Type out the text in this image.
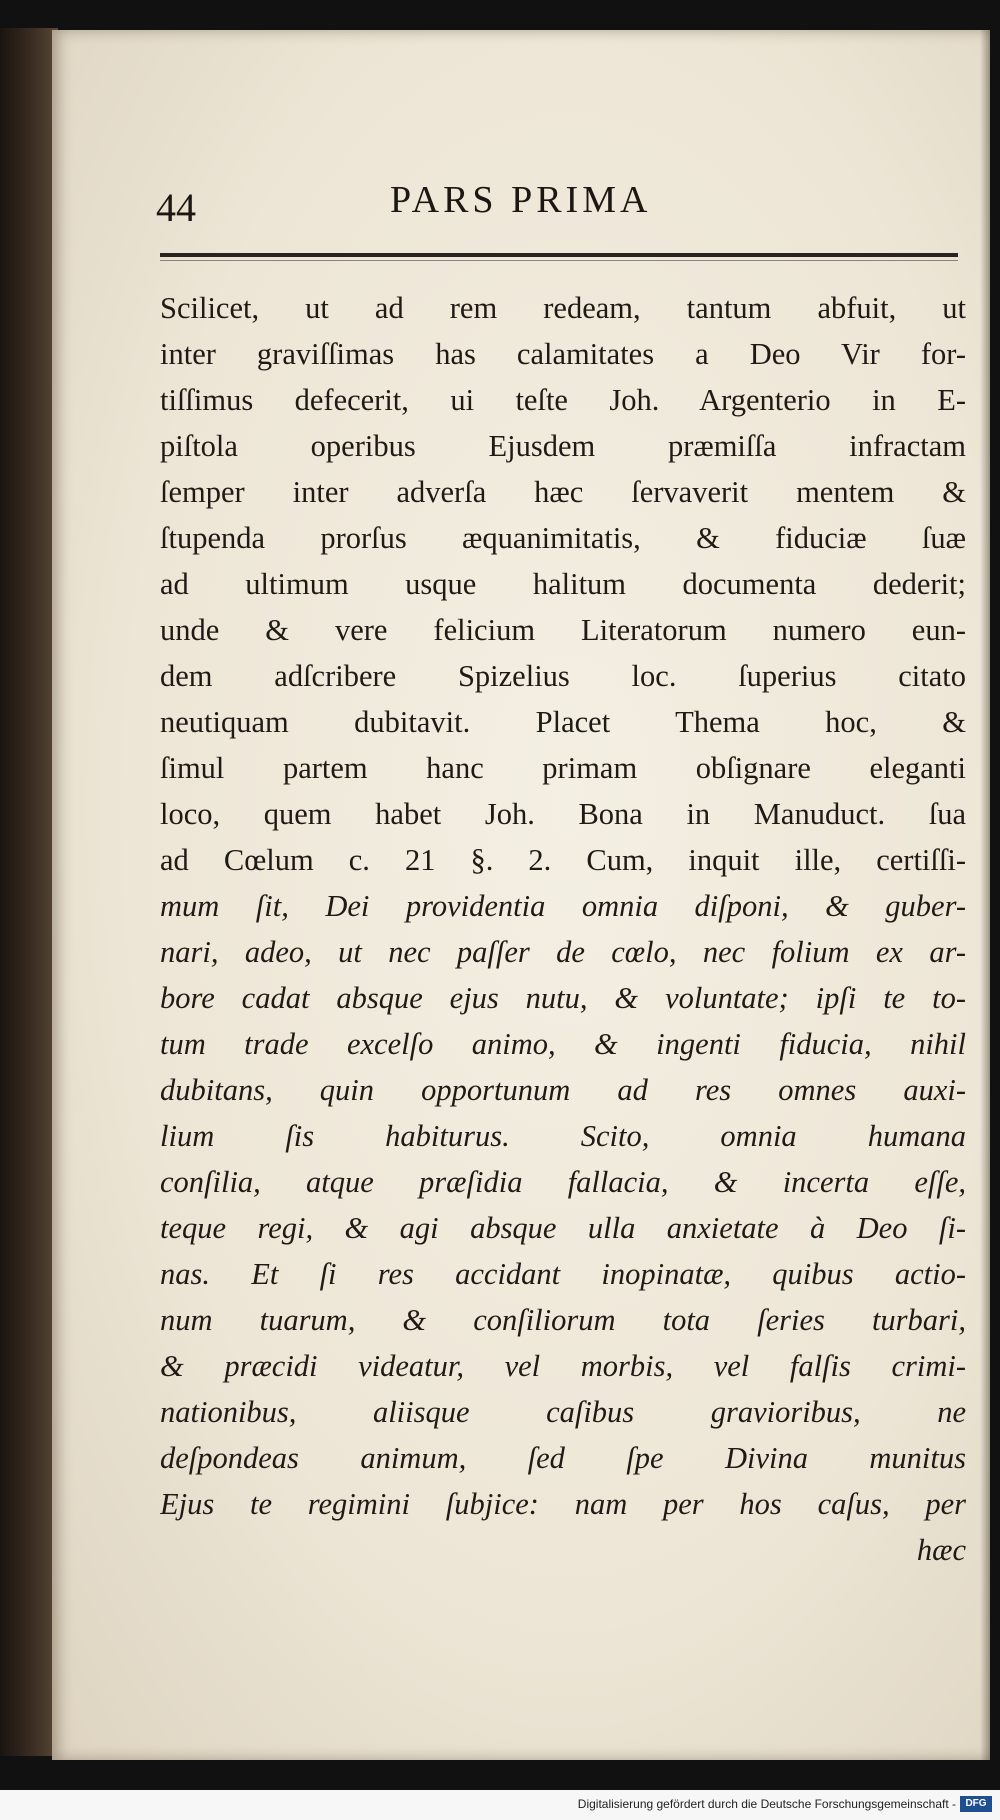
44	PARS PRIMA
Scilicet, ut ad rem redeam, tantum abfuit, ut
inter graviſſimas has calamitates a Deo Vir for-
tiſſimus defecerit, ui teſte Joh. Argenterio in E-
piſtola operibus Ejusdem præmiſſa infractam
ſemper inter adverſa hæc ſervaverit mentem &
ſtupenda prorſus æquanimitatis, & fiduciæ ſuæ
ad ultimum usque halitum documenta dederit;
unde & vere felicium Literatorum numero eun-
dem adſcribere Spizelius loc. ſuperius citato
neutiquam dubitavit. Placet Thema hoc, &
ſimul partem hanc primam obſignare eleganti
loco, quem habet Joh. Bona in Manuduct. ſua
ad Cœlum c. 21 §. 2. Cum, inquit ille, certiſſi-
mum ſit, Dei providentia omnia diſponi, & guber-
nari, adeo, ut nec paſſer de cœlo, nec folium ex ar-
bore cadat absque ejus nutu, & voluntate; ipſi te to-
tum trade excelſo animo, & ingenti fiducia, nihil
dubitans, quin opportunum ad res omnes auxi-
lium ſis habiturus. Scito, omnia humana
conſilia, atque præſidia fallacia, & incerta eſſe,
teque regi, & agi absque ulla anxietate à Deo ſi-
nas. Et ſi res accidant inopinatæ, quibus actio-
num tuarum, & conſiliorum tota ſeries turbari,
& præcidi videatur, vel morbis, vel falſis crimi-
nationibus, aliisque caſibus gravioribus, ne
deſpondeas animum, ſed ſpe Divina munitus
Ejus te regimini ſubjice: nam per hos caſus, per
hæc
Digitalisierung gefördert durch die Deutsche Forschungsgemeinschaft - DFG
